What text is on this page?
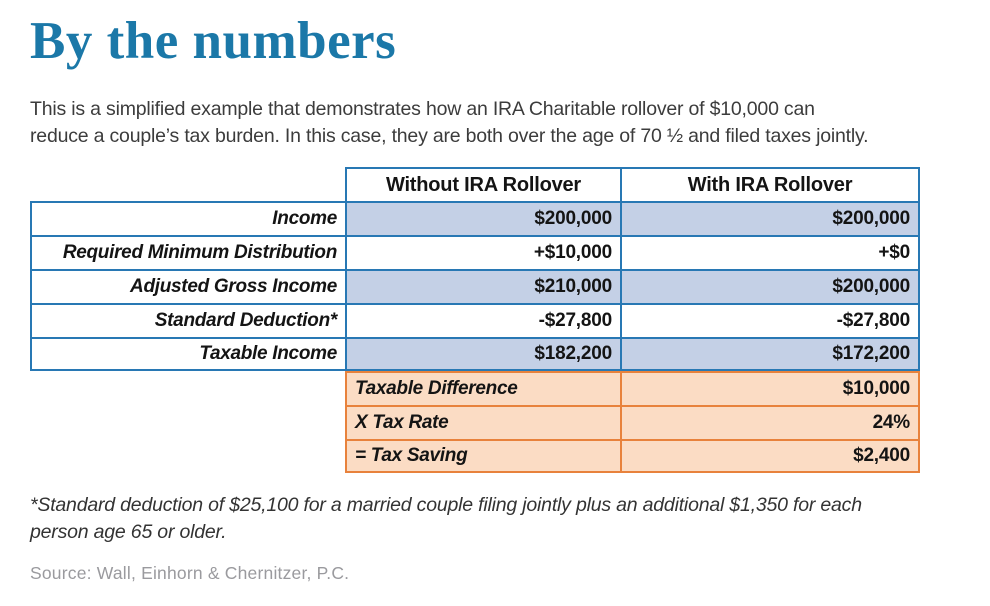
By the numbers
This is a simplified example that demonstrates how an IRA Charitable rollover of $10,000 can
reduce a couple’s tax burden. In this case, they are both over the age of 70 ½ and filed taxes jointly.
Without IRA Rollover	With IRA Rollover
Income	$200,000	$200,000
Required Minimum Distribution	+$10,000	+$0
Adjusted Gross Income	$210,000	$200,000
Standard Deduction*	-$27,800	-$27,800
Taxable Income	$182,200	$172,200
Taxable Difference	$10,000
X Tax Rate	24%
= Tax Saving	$2,400
*Standard deduction of $25,100 for a married couple filing jointly plus an additional $1,350 for each
person age 65 or older.
Source: Wall, Einhorn & Chernitzer, P.C.
